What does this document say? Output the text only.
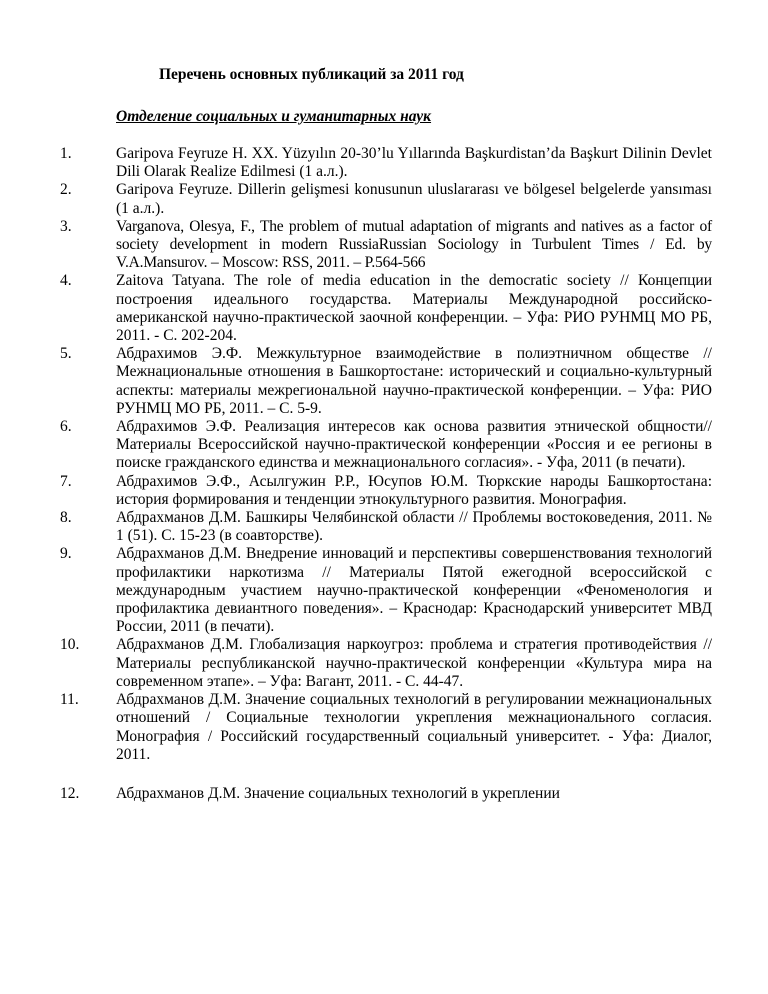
Перечень основных публикаций за 2011 год
Отделение социальных и гуманитарных наук
1.	Garipova Feyruze H. XX. Yüzyılın 20-30’lu Yıllarında Başkurdistan’da Başkurt Dilinin Devlet Dili Olarak Realize Edilmesi (1 а.л.).
2.	Garipova Feyruze. Dillerin gelişmesi konusunun uluslararası ve bölgesel belgelerde yansıması (1 а.л.).
3.	Varganova, Olesya, F., The problem of mutual adaptation of migrants and natives as a factor of society development in modern RussiaRussian Sociology in Turbulent Times / Ed. by V.A.Mansurov. – Moscow: RSS, 2011. – P.564-566
4.	Zaitova Tatyana. The role of media education in the democratic society // Концепции построения идеального государства. Материалы Международной российско-американской научно-практической заочной конференции. – Уфа: РИО РУНМЦ МО РБ, 2011. - С. 202-204.
5.	Абдрахимов Э.Ф. Межкультурное взаимодействие в полиэтничном обществе // Межнациональные отношения в Башкортостане: исторический и социально-культурный аспекты: материалы межрегиональной научно-практической конференции. – Уфа: РИО РУНМЦ МО РБ, 2011. – С. 5-9.
6.	Абдрахимов Э.Ф. Реализация интересов как основа развития этнической общности// Материалы Всероссийской научно-практической конференции «Россия и ее регионы в поиске гражданского единства и межнационального согласия». - Уфа, 2011 (в печати).
7.	Абдрахимов Э.Ф., Асылгужин Р.Р., Юсупов Ю.М. Тюркские народы Башкортостана: история формирования и тенденции этнокультурного развития. Монография.
8.	Абдрахманов Д.М. Башкиры Челябинской области // Проблемы востоковедения, 2011. № 1 (51). С. 15-23 (в соавторстве).
9.	Абдрахманов Д.М. Внедрение инноваций и перспективы совершенствования технологий профилактики наркотизма // Материалы Пятой ежегодной всероссийской с международным участием научно-практической конференции «Феноменология и профилактика девиантного поведения». – Краснодар: Краснодарский университет МВД России, 2011 (в печати).
10. Абдрахманов Д.М. Глобализация наркоугроз: проблема и стратегия противодействия // Материалы республиканской научно-практической конференции «Культура мира на современном этапе». – Уфа: Вагант, 2011. - С. 44-47.
11. Абдрахманов Д.М. Значение социальных технологий в регулировании межнациональных отношений / Социальные технологии укрепления межнационального согласия. Монография / Российский государственный социальный университет. - Уфа: Диалог, 2011.
12. Абдрахманов Д.М. Значение социальных технологий в укреплении
